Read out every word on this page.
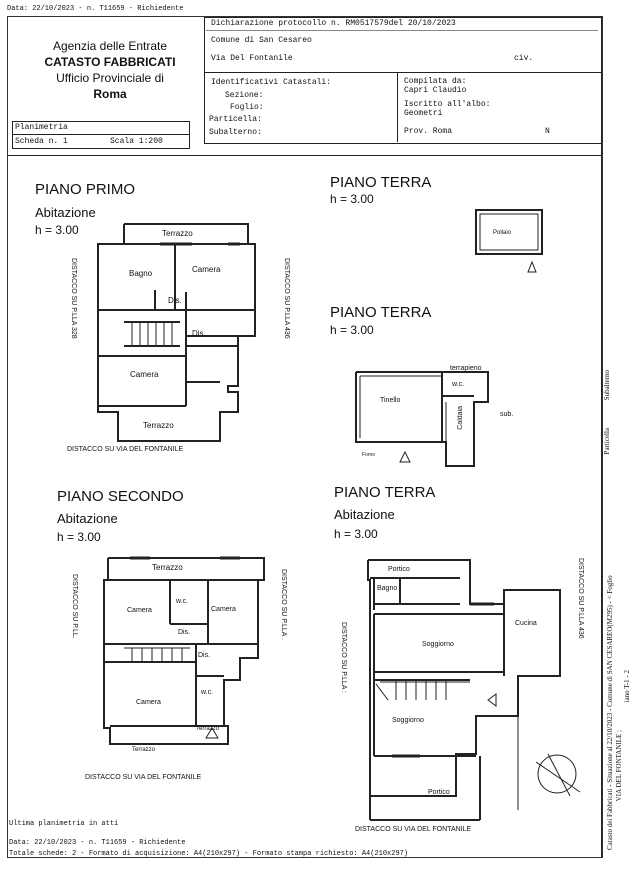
Data: 22/10/2023 - n. T11659 - Richiedente
Agenzia delle Entrate
CATASTO FABBRICATI
Ufficio Provinciale di
Roma
Dichiarazione protocollo n. RM0517579del 20/10/2023
Comune di San Cesareo
Via Del Fontanile	civ.
Identificativi Catastali:
Sezione:
Foglio:
Particella:
Subalterno:
Compilata da:
Capri Claudio
Iscritto all'albo:
Geometri
Prov. Roma	N
Planimetria
Scheda n. 1	Scala 1:200
PIANO PRIMO
Abitazione
h = 3.00
PIANO TERRA
h = 3.00
PIANO TERRA
h = 3.00
PIANO SECONDO
Abitazione
h = 3.00
PIANO TERRA
Abitazione
h = 3.00
Terrazzo
Camera
Bagno
Dis.
Dis.
Camera
Terrazzo
Pollaio
terrapieno
w.c.
Tinello
sub.
Forno
Terrazzo
Camera
w.c.
Camera
Dis.
Dis.
Camera
w.c.
Terrazzo
Terrazzo
Portico
Bagno
Soggiorno
Cucina
Soggiorno
Portico
Caldaia
DISTACCO SU P.LLA 328	DISTACCO SU P.LLA 436
DISTACCO SU P.LL.	DISTACCO SU P.LLA .
DISTACCO SU P.LLA :
DISTACCO SU P.LLA 436
DISTACCO SU VIA DEL FONTANILE
DISTACCO SU VIA DEL FONTANILE
DISTACCO SU VIA DEL FONTANILE
Subalterno
Particella
Catasto dei Fabbricati - Situazione al 22/10/2023 - Comune di SAN CESAREO(M295) - < Foglio VIA DEL FONTANILE ;
iano T-1 - 2
Ultima planimetria in atti
Data: 22/10/2023 - n. T11659 - Richiedente
Totale schede: 2 - Formato di acquisizione: A4(210x297) - Formato stampa richiesto: A4(210x297)
